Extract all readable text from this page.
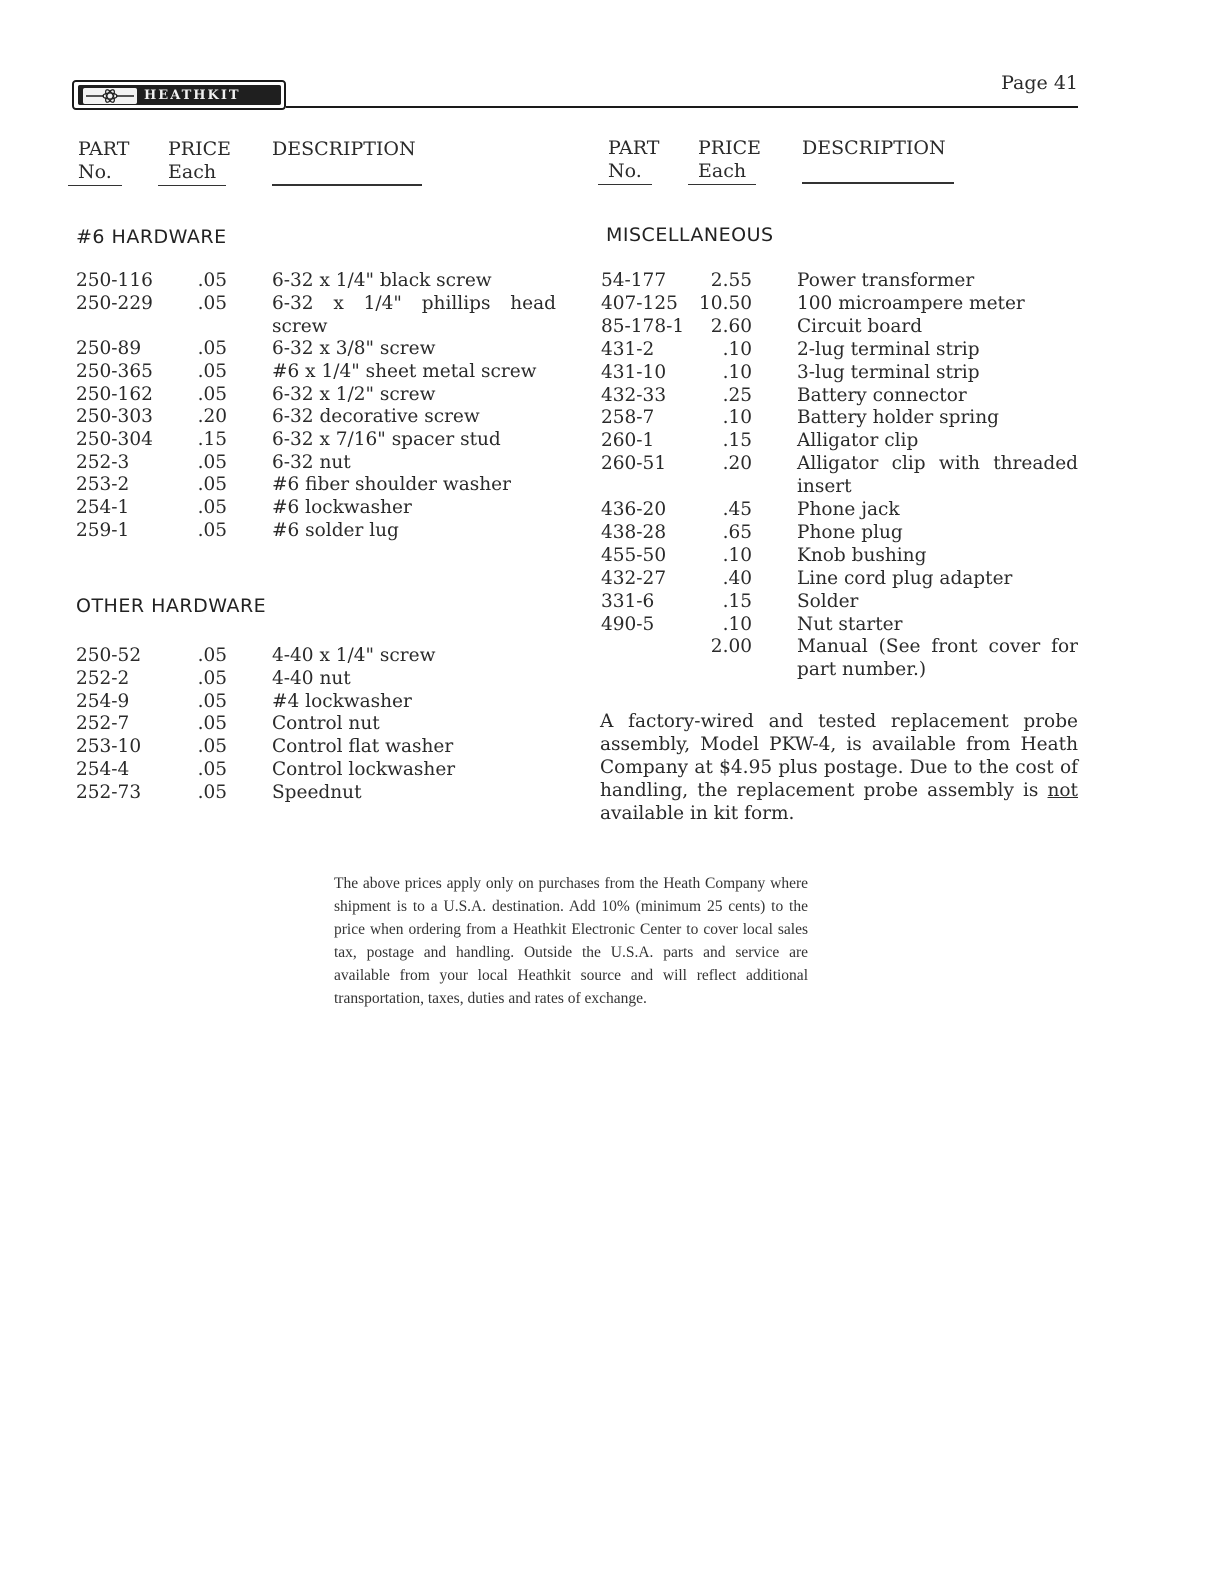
HEATHKIT
Page 41
PART
No.
PRICE
Each
DESCRIPTION	PART
No.
PRICE
Each
DESCRIPTION
#6 HARDWARE	MISCELLANEOUS
OTHER HARDWARE
250-116 .05 6-32 x 1/4" black screw
250-229 .05 6-32 x 1/4" phillips head screw
250-89	.05 6-32 x 3/8" screw
250-365 .05 #6 x 1/4" sheet metal screw
250-162 .05 6-32 x 1/2" screw
250-303 .20 6-32 decorative screw
250-304 .15 6-32 x 7/16" spacer stud
252-3	.05 6-32 nut
253-2	.05 #6 fiber shoulder washer
254-1	.05 #6 lockwasher
259-1	.05 #6 solder lug
250-52	.05 4-40 x 1/4" screw
252-2	.05 4-40 nut
254-9	.05 #4 lockwasher
252-7	.05 Control nut
253-10	.05 Control flat washer
254-4	.05 Control lockwasher
252-73	.05 Speednut
54-177 2.55 Power transformer
407-125 10.50 100 microampere meter
85-178-1 2.60 Circuit board
431-2	.10 2-lug terminal strip
431-10	.10 3-lug terminal strip
432-33	.25 Battery connector
258-7	.10 Battery holder spring
260-1	.15 Alligator clip
260-51	.20 Alligator clip with threaded insert
436-20	.45 Phone jack
438-28	.65 Phone plug
455-50	.10 Knob bushing
432-27	.40 Line cord plug adapter
331-6	.15 Solder
490-5	.10 Nut starter
2.00 Manual (See front cover for part number.)
A factory-wired and tested replacement probe assembly, Model PKW-4, is available from Heath Company at $4.95 plus postage. Due to the cost of handling, the replacement probe assembly is not available in kit form.
The above prices apply only on purchases from the Heath Company where shipment is to a U.S.A. destination. Add 10% (minimum 25 cents) to the price when ordering from a Heathkit Electronic Center to cover local sales tax, postage and handling. Outside the U.S.A. parts and service are available from your local Heathkit source and will reflect additional transportation, taxes, duties and rates of exchange.
